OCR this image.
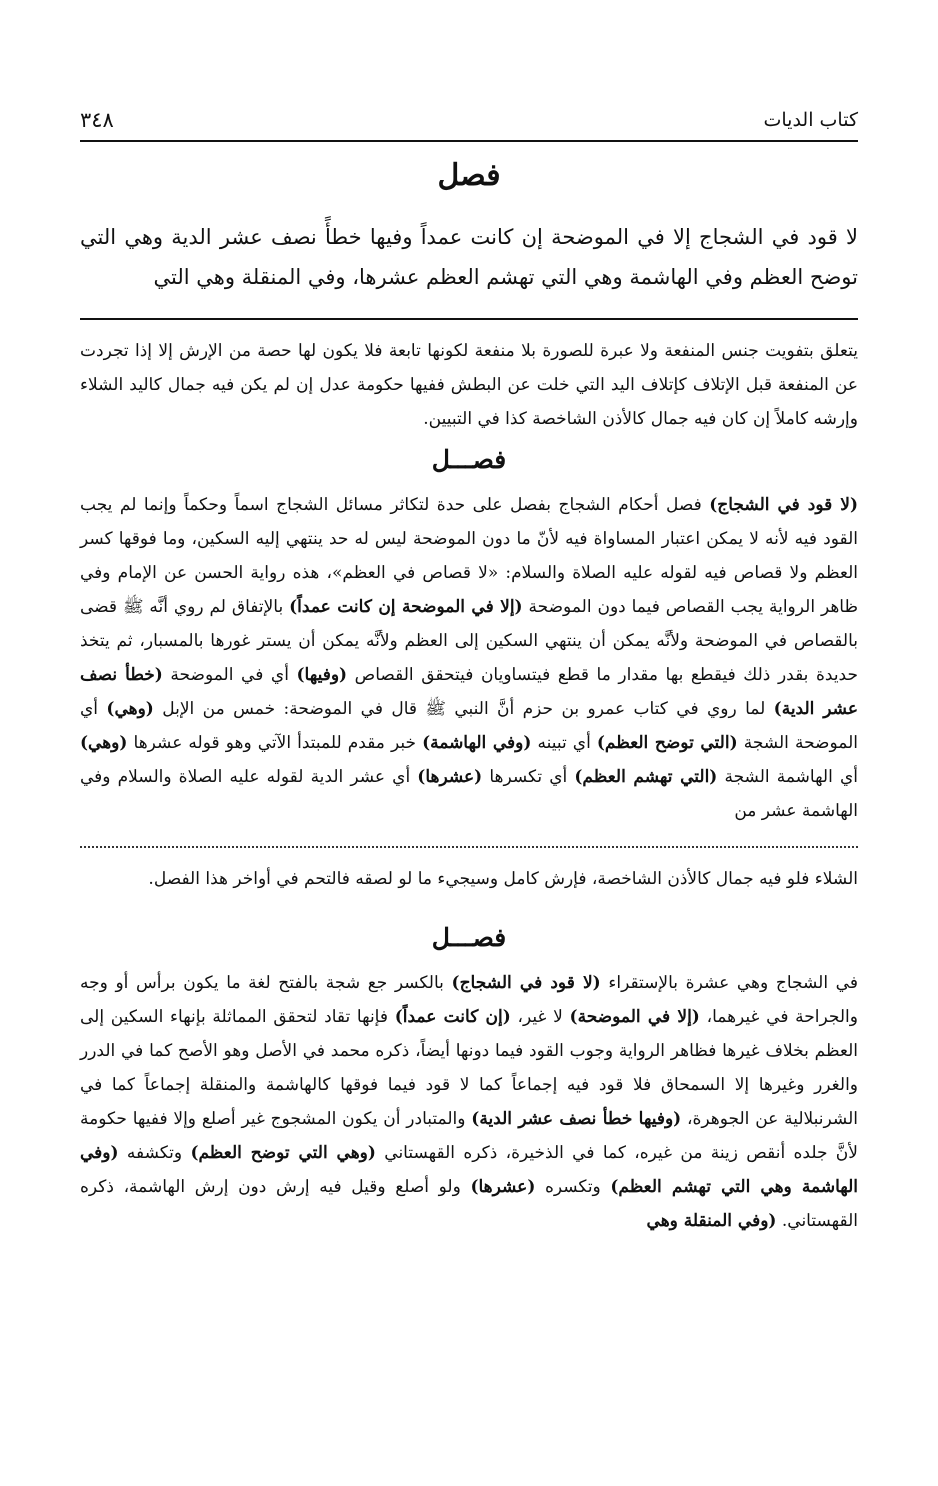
كتاب الديات
٣٤٨
فصل

لا قود في الشجاج إلا في الموضحة إن كانت عمداً وفيها خطأً نصف عشر الدية وهي التي توضح العظم وفي الهاشمة وهي التي تهشم العظم عشرها، وفي المنقلة وهي التي

يتعلق بتفويت جنس المنفعة ولا عبرة للصورة بلا منفعة لكونها تابعة فلا يكون لها حصة من الإرش إلا إذا تجردت عن المنفعة قبل الإتلاف كإتلاف اليد التي خلت عن البطش ففيها حكومة عدل إن لم يكن فيه جمال كاليد الشلاء وإرشه كاملاً إن كان فيه جمال كالأذن الشاخصة كذا في التبيين.

فصـــل

(لا قود في الشجاج) فصل أحكام الشجاج بفصل على حدة لتكاثر مسائل الشجاج اسماً وحكماً وإنما لم يجب القود فيه لأنه لا يمكن اعتبار المساواة فيه لأنّ ما دون الموضحة ليس له حد ينتهي إليه السكين، وما فوقها كسر العظم ولا قصاص فيه لقوله عليه الصلاة والسلام: «لا قصاص في العظم»، هذه رواية الحسن عن الإمام وفي ظاهر الرواية يجب القصاص فيما دون الموضحة (إلا في الموضحة إن كانت عمداً) بالإتفاق لم روي أنَّه ﷺ قضى بالقصاص في الموضحة ولأنَّه يمكن أن ينتهي السكين إلى العظم ولأنَّه يمكن أن يستر غورها بالمسبار، ثم يتخذ حديدة بقدر ذلك فيقطع بها مقدار ما قطع فيتساويان فيتحقق القصاص (وفيها) أي في الموضحة (خطأ نصف عشر الدية) لما روي في كتاب عمرو بن حزم أنَّ النبي ﷺ قال في الموضحة: خمس من الإبل (وهي) أي الموضحة الشجة (التي توضح العظم) أي تبينه (وفي الهاشمة) خبر مقدم للمبتدأ الآتي وهو قوله عشرها (وهي) أي الهاشمة الشجة (التي تهشم العظم) أي تكسرها (عشرها) أي عشر الدية لقوله عليه الصلاة والسلام وفي الهاشمة عشر من

الشلاء فلو فيه جمال كالأذن الشاخصة، فإرش كامل وسيجيء ما لو لصقه فالتحم في أواخر هذا الفصل.

فصـــل

في الشجاج وهي عشرة بالإستقراء (لا قود في الشجاج) بالكسر جع شجة بالفتح لغة ما يكون برأس أو وجه والجراحة في غيرهما، (إلا في الموضحة) لا غير، (إن كانت عمداً) فإنها تقاد لتحقق المماثلة بإنهاء السكين إلى العظم بخلاف غيرها فظاهر الرواية وجوب القود فيما دونها أيضاً، ذكره محمد في الأصل وهو الأصح كما في الدرر والغرر وغيرها إلا السمحاق فلا قود فيه إجماعاً كما لا قود فيما فوقها كالهاشمة والمنقلة إجماعاً كما في الشرنبلالية عن الجوهرة، (وفيها خطأ نصف عشر الدية) والمتبادر أن يكون المشجوج غير أصلع وإلا ففيها حكومة لأنَّ جلده أنقص زينة من غيره، كما في الذخيرة، ذكره القهستاني (وهي التي توضح العظم) وتكشفه (وفي الهاشمة وهي التي تهشم العظم) وتكسره (عشرها) ولو أصلع وقيل فيه إرش دون إرش الهاشمة، ذكره القهستاني. (وفي المنقلة وهي
